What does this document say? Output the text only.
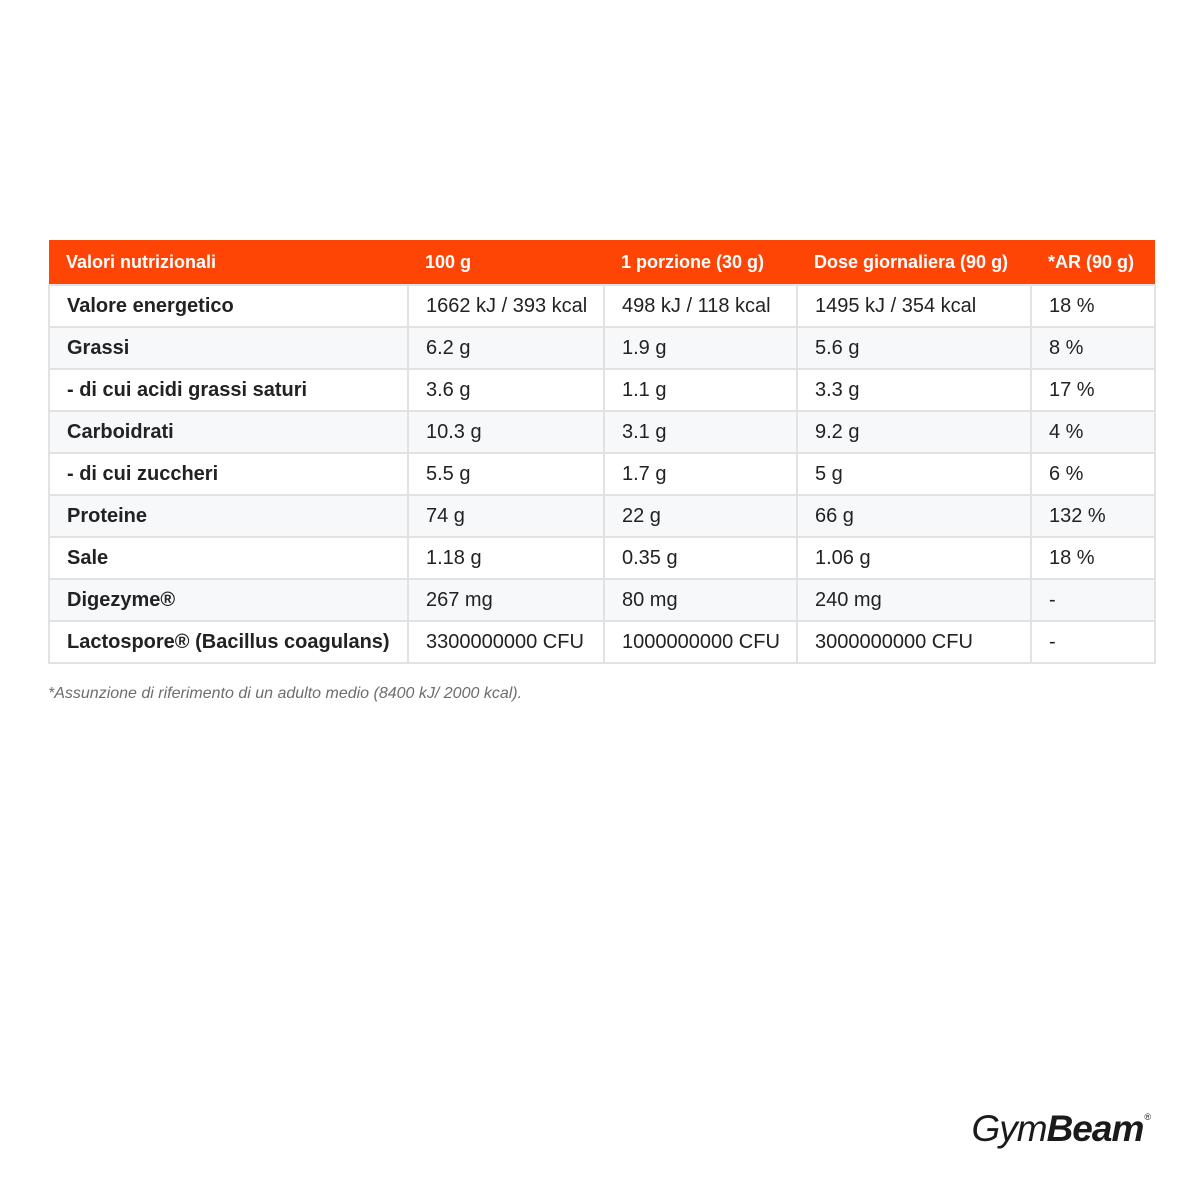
Valori nutrizionali	100 g	1 porzione (30 g)	Dose giornaliera (90 g)	*AR (90 g)
Valore energetico	1662 kJ / 393 kcal	498 kJ / 118 kcal	1495 kJ / 354 kcal	18 %
Grassi	6.2 g	1.9 g	5.6 g	8 %
- di cui acidi grassi saturi	3.6 g	1.1 g	3.3 g	17 %
Carboidrati	10.3 g	3.1 g	9.2 g	4 %
- di cui zuccheri	5.5 g	1.7 g	5 g	6 %
Proteine	74 g	22 g	66 g	132 %
Sale	1.18 g	0.35 g	1.06 g	18 %
Digezyme®	267 mg	80 mg	240 mg	-
Lactospore® (Bacillus coagulans)	3300000000 CFU	1000000000 CFU	3000000000 CFU	-

*Assunzione di riferimento di un adulto medio (8400 kJ/ 2000 kcal).

GymBeam®
